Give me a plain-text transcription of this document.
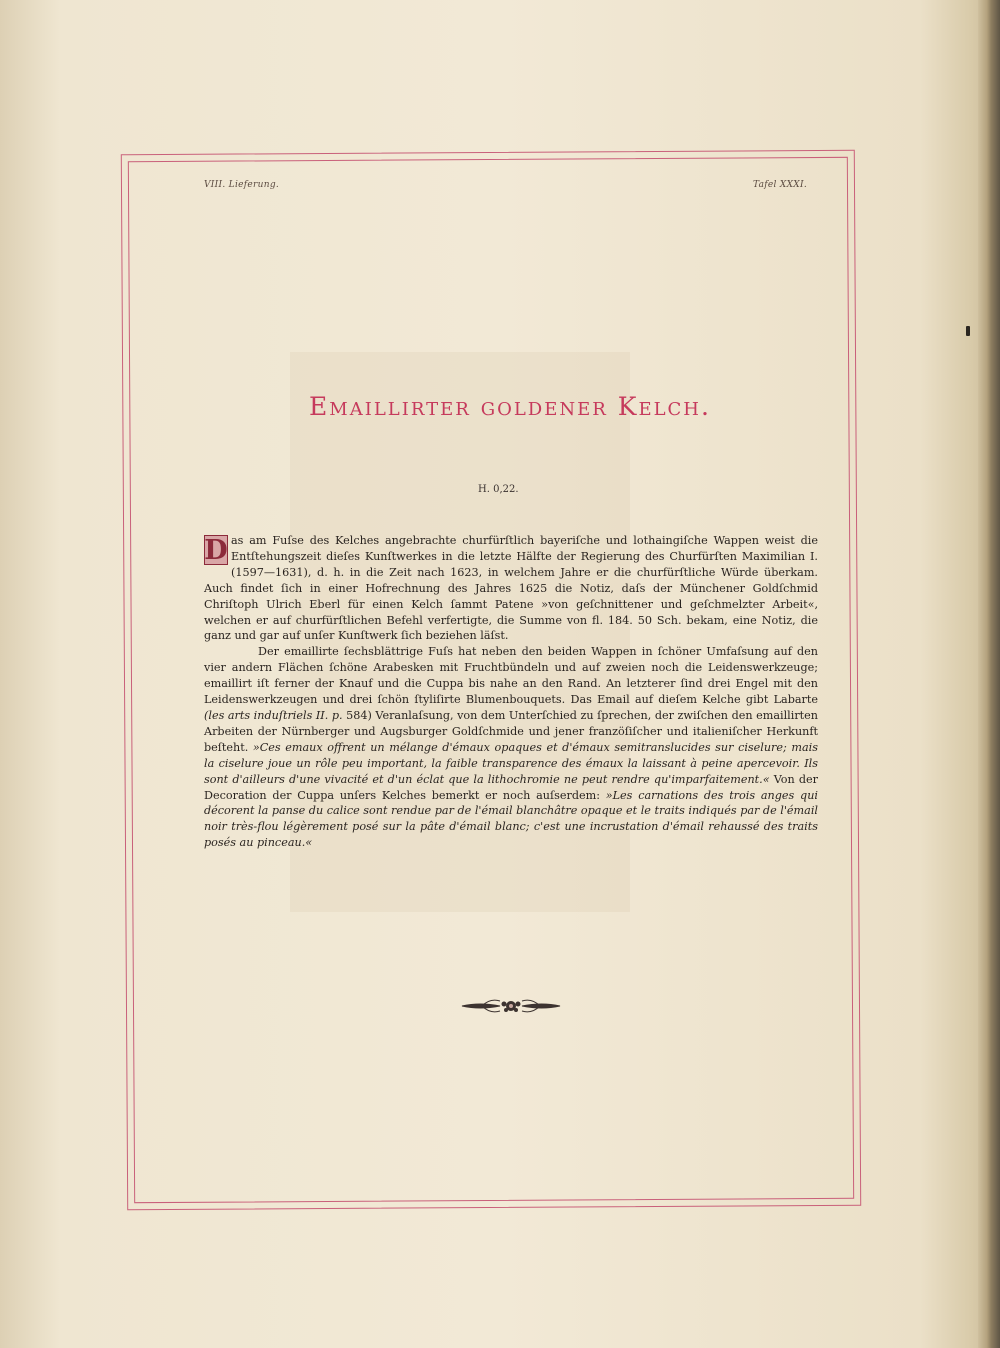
VIII. Lieferung.	Tafel XXXI.
Emaillirter goldener Kelch.
H. 0,22.

D as am Fuſse des Kelches angebrachte churfürſtlich bayeriſche und lothaingiſche Wappen weist die Entſtehungszeit dieſes Kunſtwerkes in die letzte Hälfte der Regierung des Churfürſten Maximilian I. (1597—1631), d. h. in die Zeit nach 1623, in welchem Jahre er die churfürſtliche Würde überkam. Auch findet ſich in einer Hofrechnung des Jahres 1625 die Notiz, daſs der Münchener Goldſchmid Chriſtoph Ulrich Eberl für einen Kelch ſammt Patene »von geſchnittener und geſchmelzter Arbeit«, welchen er auf churfürſtlichen Befehl verfertigte, die Summe von fl. 184. 50 Sch. bekam, eine Notiz, die ganz und gar auf unſer Kunſtwerk ſich beziehen läſst.

Der emaillirte ſechsblättrige Fuſs hat neben den beiden Wappen in ſchöner Umfaſsung auf den vier andern Flächen ſchöne Arabesken mit Fruchtbündeln und auf zweien noch die Leidenswerkzeuge; emaillirt iſt ferner der Knauf und die Cuppa bis nahe an den Rand. An letzterer ſind drei Engel mit den Leidenswerkzeugen und drei ſchön ſtyliſirte Blumenbouquets. Das Email auf dieſem Kelche gibt Labarte (les arts induſtriels II. p. 584) Veranlaſsung, von dem Unterſchied zu ſprechen, der zwiſchen den emaillirten Arbeiten der Nürnberger und Augsburger Goldſchmide und jener franzöſiſcher und italieniſcher Herkunft beſteht. »Ces emaux offrent un mélange d'émaux opaques et d'émaux semitranslucides sur ciselure; mais la ciselure joue un rôle peu important, la faible transparence des émaux la laissant à peine apercevoir. Ils sont d'ailleurs d'une vivacité et d'un éclat que la lithochromie ne peut rendre qu'imparfaitement.« Von der Decoration der Cuppa unſers Kelches bemerkt er noch auſserdem: »Les carnations des trois anges qui décorent la panse du calice sont rendue par de l'émail blanchâtre opaque et le traits indiqués par de l'émail noir très-flou légèrement posé sur la pâte d'émail blanc; c'est une incrustation d'émail rehaussé des traits posés au pinceau.«
